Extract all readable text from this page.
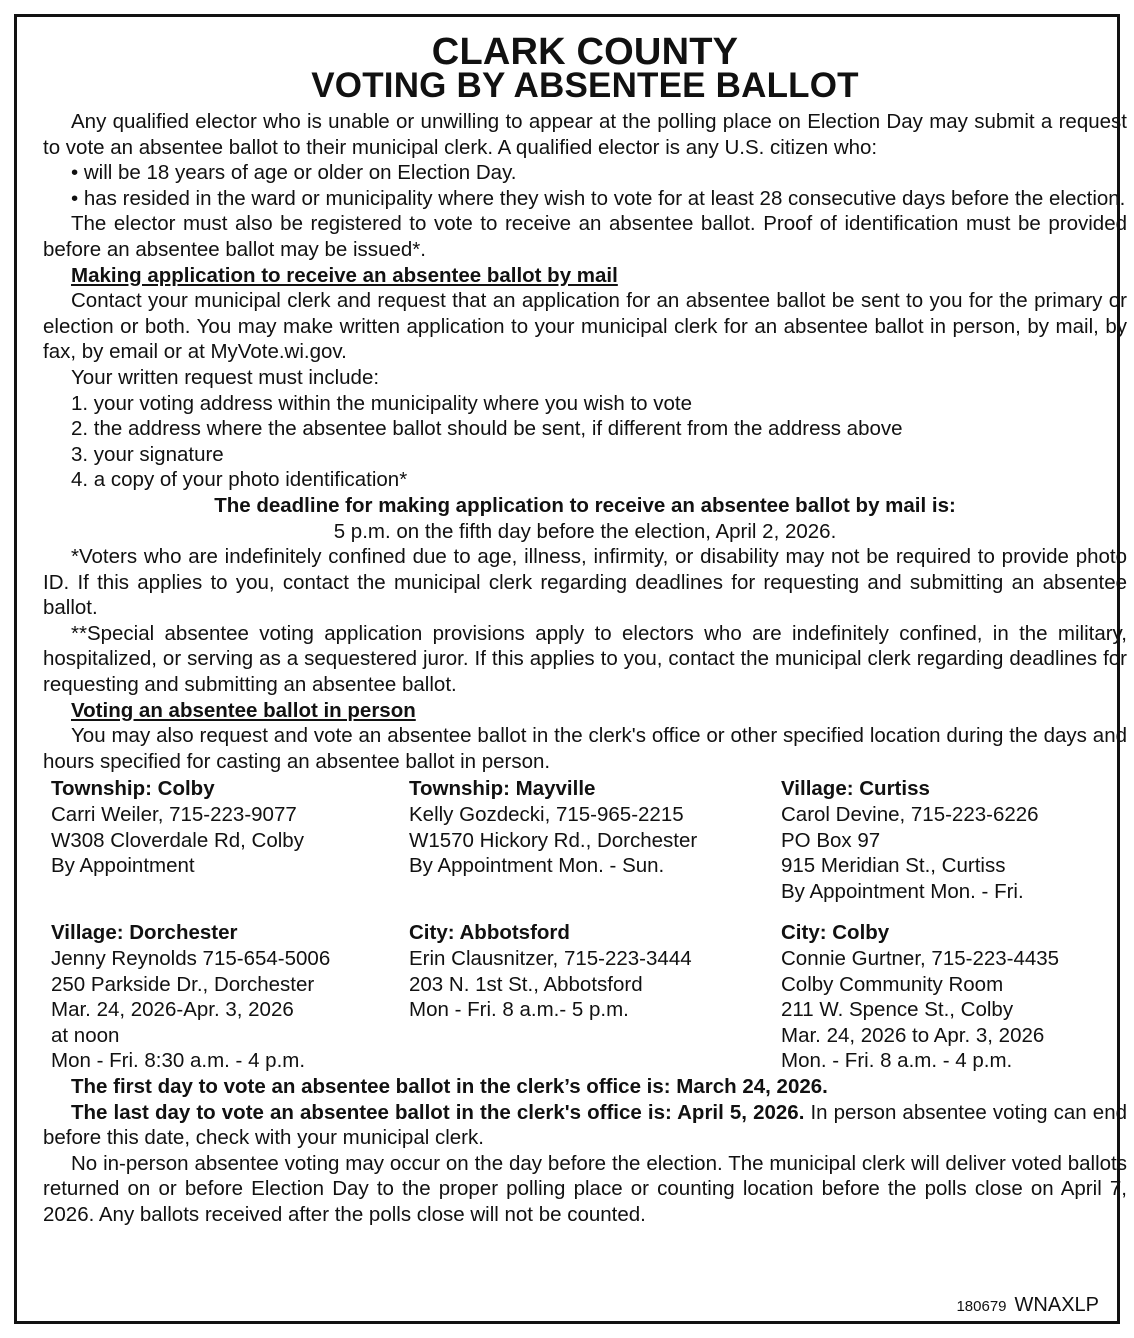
CLARK COUNTY
VOTING BY ABSENTEE BALLOT

Any qualified elector who is unable or unwilling to appear at the polling place on Election Day may submit a request to vote an absentee ballot to their municipal clerk. A qualified elector is any U.S. citizen who:

• will be 18 years of age or older on Election Day.

• has resided in the ward or municipality where they wish to vote for at least 28 consecutive days before the election.

The elector must also be registered to vote to receive an absentee ballot. Proof of identification must be provided before an absentee ballot may be issued*.

Making application to receive an absentee ballot by mail

Contact your municipal clerk and request that an application for an absentee ballot be sent to you for the primary or election or both. You may make written application to your municipal clerk for an absentee ballot in person, by mail, by fax, by email or at MyVote.wi.gov.

Your written request must include:
1. your voting address within the municipality where you wish to vote
2. the address where the absentee ballot should be sent, if different from the address above
3. your signature
4. a copy of your photo identification*

The deadline for making application to receive an absentee ballot by mail is:

5 p.m. on the fifth day before the election, April 2, 2026.

*Voters who are indefinitely confined due to age, illness, infirmity, or disability may not be required to provide photo ID. If this applies to you, contact the municipal clerk regarding deadlines for requesting and submitting an absentee ballot.

**Special absentee voting application provisions apply to electors who are indefinitely confined, in the military, hospitalized, or serving as a sequestered juror. If this applies to you, contact the municipal clerk regarding deadlines for requesting and submitting an absentee ballot.

Voting an absentee ballot in person

You may also request and vote an absentee ballot in the clerk's office or other specified location during the days and hours specified for casting an absentee ballot in person.

Township: Colby
Carri Weiler, 715-223-9077
W308 Cloverdale Rd, Colby
By Appointment
Township: Mayville
Kelly Gozdecki, 715-965-2215
W1570 Hickory Rd., Dorchester
By Appointment Mon. - Sun.
Village: Curtiss
Carol Devine, 715-223-6226
PO Box 97
915 Meridian St., Curtiss
By Appointment Mon. - Fri.
Village: Dorchester
Jenny Reynolds 715-654-5006
250 Parkside Dr., Dorchester
Mar. 24, 2026-Apr. 3, 2026
at noon
Mon - Fri. 8:30 a.m. - 4 p.m.
City: Abbotsford
Erin Clausnitzer, 715-223-3444
203 N. 1st St., Abbotsford
Mon - Fri. 8 a.m.- 5 p.m.
City: Colby
Connie Gurtner, 715-223-4435
Colby Community Room
211 W. Spence St., Colby
Mar. 24, 2026 to Apr. 3, 2026
Mon. - Fri. 8 a.m. - 4 p.m.

The first day to vote an absentee ballot in the clerk’s office is: March 24, 2026.

The last day to vote an absentee ballot in the clerk's office is: April 5, 2026. In person absentee voting can end before this date, check with your municipal clerk.

No in-person absentee voting may occur on the day before the election. The municipal clerk will deliver voted ballots returned on or before Election Day to the proper polling place or counting location before the polls close on April 7, 2026. Any ballots received after the polls close will not be counted.

180679 WNAXLP
